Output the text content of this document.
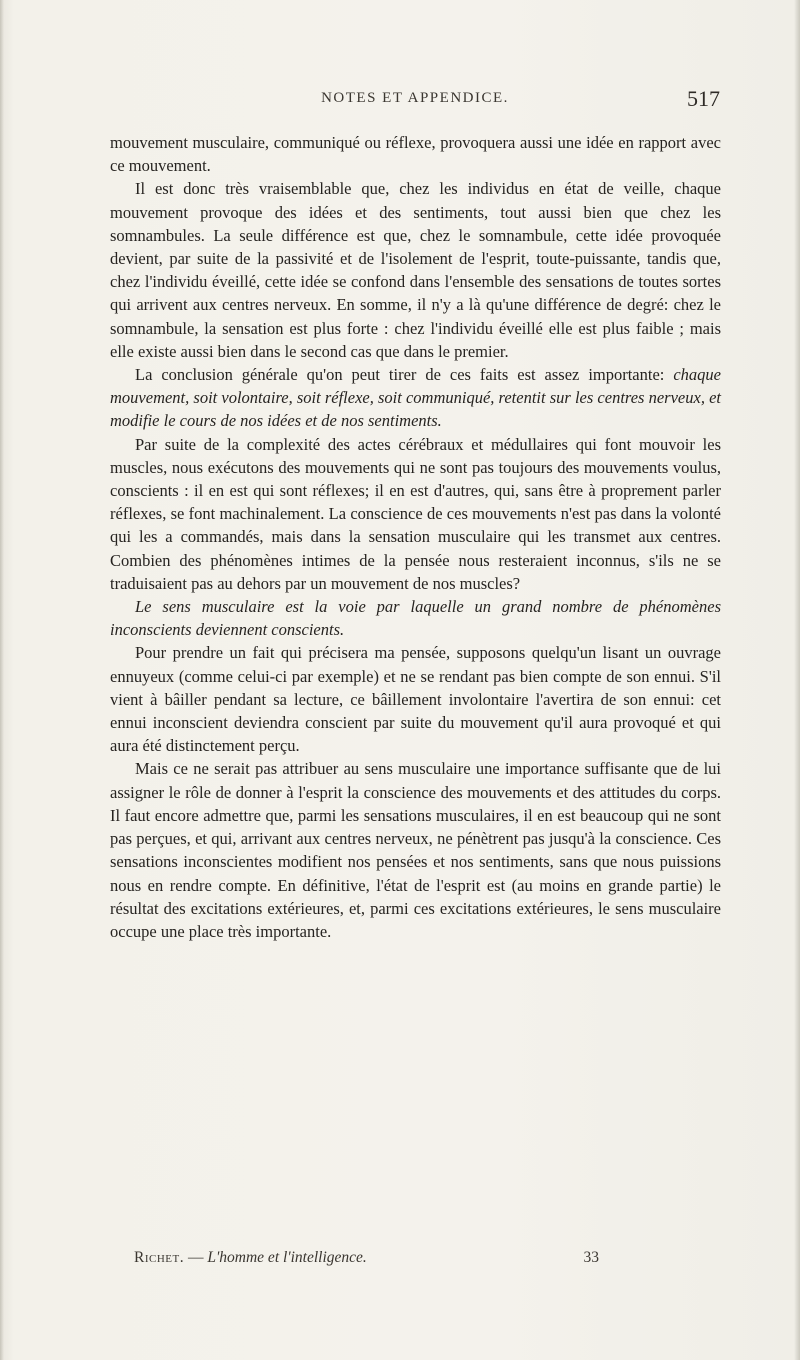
NOTES ET APPENDICE.	517

mouvement musculaire, communiqué ou réflexe, provoquera aussi une idée en rapport avec ce mouvement.

Il est donc très vraisemblable que, chez les individus en état de veille, chaque mouvement provoque des idées et des sentiments, tout aussi bien que chez les somnambules. La seule différence est que, chez le somnambule, cette idée provoquée devient, par suite de la passivité et de l'isolement de l'esprit, toute-puissante, tandis que, chez l'individu éveillé, cette idée se confond dans l'ensemble des sensations de toutes sortes qui arrivent aux centres nerveux. En somme, il n'y a là qu'une différence de degré: chez le somnambule, la sensation est plus forte : chez l'individu éveillé elle est plus faible ; mais elle existe aussi bien dans le second cas que dans le premier.

La conclusion générale qu'on peut tirer de ces faits est assez importante: chaque mouvement, soit volontaire, soit réflexe, soit communiqué, retentit sur les centres nerveux, et modifie le cours de nos idées et de nos sentiments.

Par suite de la complexité des actes cérébraux et médullaires qui font mouvoir les muscles, nous exécutons des mouvements qui ne sont pas toujours des mouvements voulus, conscients : il en est qui sont réflexes; il en est d'autres, qui, sans être à proprement parler réflexes, se font machinalement. La conscience de ces mouvements n'est pas dans la volonté qui les a commandés, mais dans la sensation musculaire qui les transmet aux centres. Combien des phénomènes intimes de la pensée nous resteraient inconnus, s'ils ne se traduisaient pas au dehors par un mouvement de nos muscles?

Le sens musculaire est la voie par laquelle un grand nombre de phénomènes inconscients deviennent conscients.

Pour prendre un fait qui précisera ma pensée, supposons quelqu'un lisant un ouvrage ennuyeux (comme celui-ci par exemple) et ne se rendant pas bien compte de son ennui. S'il vient à bâiller pendant sa lecture, ce bâillement involontaire l'avertira de son ennui: cet ennui inconscient deviendra conscient par suite du mouvement qu'il aura provoqué et qui aura été distinctement perçu.

Mais ce ne serait pas attribuer au sens musculaire une importance suffisante que de lui assigner le rôle de donner à l'esprit la conscience des mouvements et des attitudes du corps. Il faut encore admettre que, parmi les sensations musculaires, il en est beaucoup qui ne sont pas perçues, et qui, arrivant aux centres nerveux, ne pénètrent pas jusqu'à la conscience. Ces sensations inconscientes modifient nos pensées et nos sentiments, sans que nous puissions nous en rendre compte. En définitive, l'état de l'esprit est (au moins en grande partie) le résultat des excitations extérieures, et, parmi ces excitations extérieures, le sens musculaire occupe une place très importante.

Richet. — L'homme et l'intelligence.	33
